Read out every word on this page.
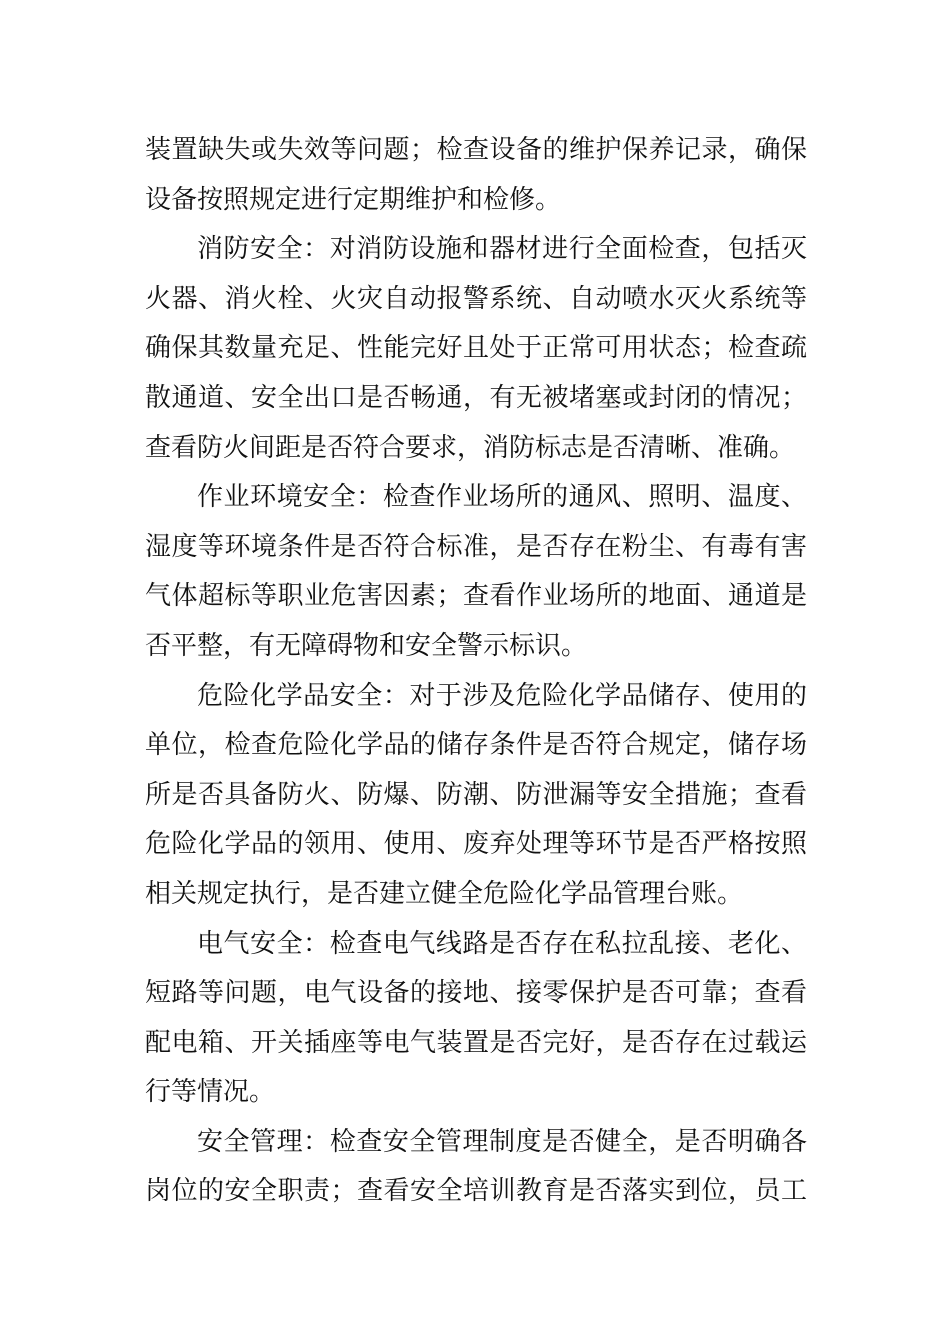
装置缺失或失效等问题；检查设备的维护保养记录，确保
设备按照规定进行定期维护和检修。
消防安全：对消防设施和器材进行全面检查，包括灭
火器、消火栓、火灾自动报警系统、自动喷水灭火系统等
确保其数量充足、性能完好且处于正常可用状态；检查疏
散通道、安全出口是否畅通，有无被堵塞或封闭的情况；
查看防火间距是否符合要求，消防标志是否清晰、准确。
作业环境安全：检查作业场所的通风、照明、温度、
湿度等环境条件是否符合标准，是否存在粉尘、有毒有害
气体超标等职业危害因素；查看作业场所的地面、通道是
否平整，有无障碍物和安全警示标识。
危险化学品安全：对于涉及危险化学品储存、使用的
单位，检查危险化学品的储存条件是否符合规定，储存场
所是否具备防火、防爆、防潮、防泄漏等安全措施；查看
危险化学品的领用、使用、废弃处理等环节是否严格按照
相关规定执行，是否建立健全危险化学品管理台账。
电气安全：检查电气线路是否存在私拉乱接、老化、
短路等问题，电气设备的接地、接零保护是否可靠；查看
配电箱、开关插座等电气装置是否完好，是否存在过载运
行等情况。
安全管理：检查安全管理制度是否健全，是否明确各
岗位的安全职责；查看安全培训教育是否落实到位，员工
